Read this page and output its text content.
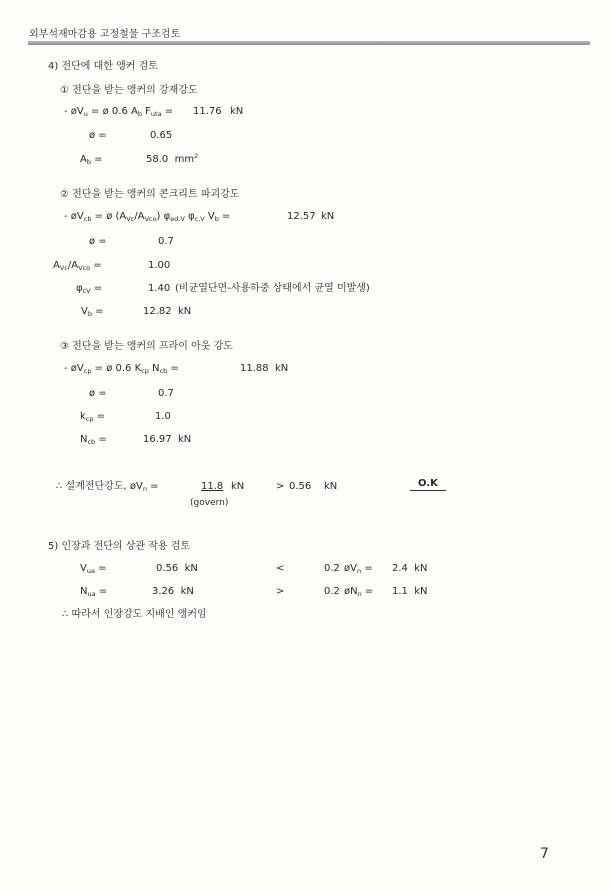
외부석재마감용 고정철물 구조검토
4) 전단에 대한 앵커 검토
① 전단을 받는 앵커의 강재강도
- $øV_u$ = ø 0.6 $A_b$ $F_{uta} = 11.76$ kN
ø =	0.65
$A_b$ =	58.0 $mm^2$
② 전단을 받는 앵커의 콘크리트 파괴강도
- $øV_{cb}$ = ø $(A_{Vc}/A_{Vco})$ $\varphi_{ed,V}$ $\varphi_{c,V}$ $V_b$ =	12.57 kN
ø =	0.7
$A_{Vc}/A_{Vco}$ =	1.00
$\varphi_{cV}$ =	1.40 (비균열단면-사용하중 상태에서 균열 미발생)
$V_b$ =	12.82 kN
③ 전단을 받는 앵커의 프라이 아웃 강도
- $øV_{cp}$ = ø 0.6 $K_{cp}$ $N_{cb}$ =	11.88 kN
ø =	0.7
$k_{cp}$ =	1.0
$N_{cb}$ =	16.97 kN
∴ 설계전단강도, $øV_n$ =	11.8 kN	> 0.56 kN	O.K
(govern)
5) 인장과 전단의 상관 작용 검토
$V_{ua}$ =	0.56 kN	<	0.2 $øV_n = 2.4$ kN
$N_{ua}$ =	3.26 kN	>	0.2 $øN_n = 1.1$ kN
∴ 따라서 인장강도 지배인 앵커임
7
